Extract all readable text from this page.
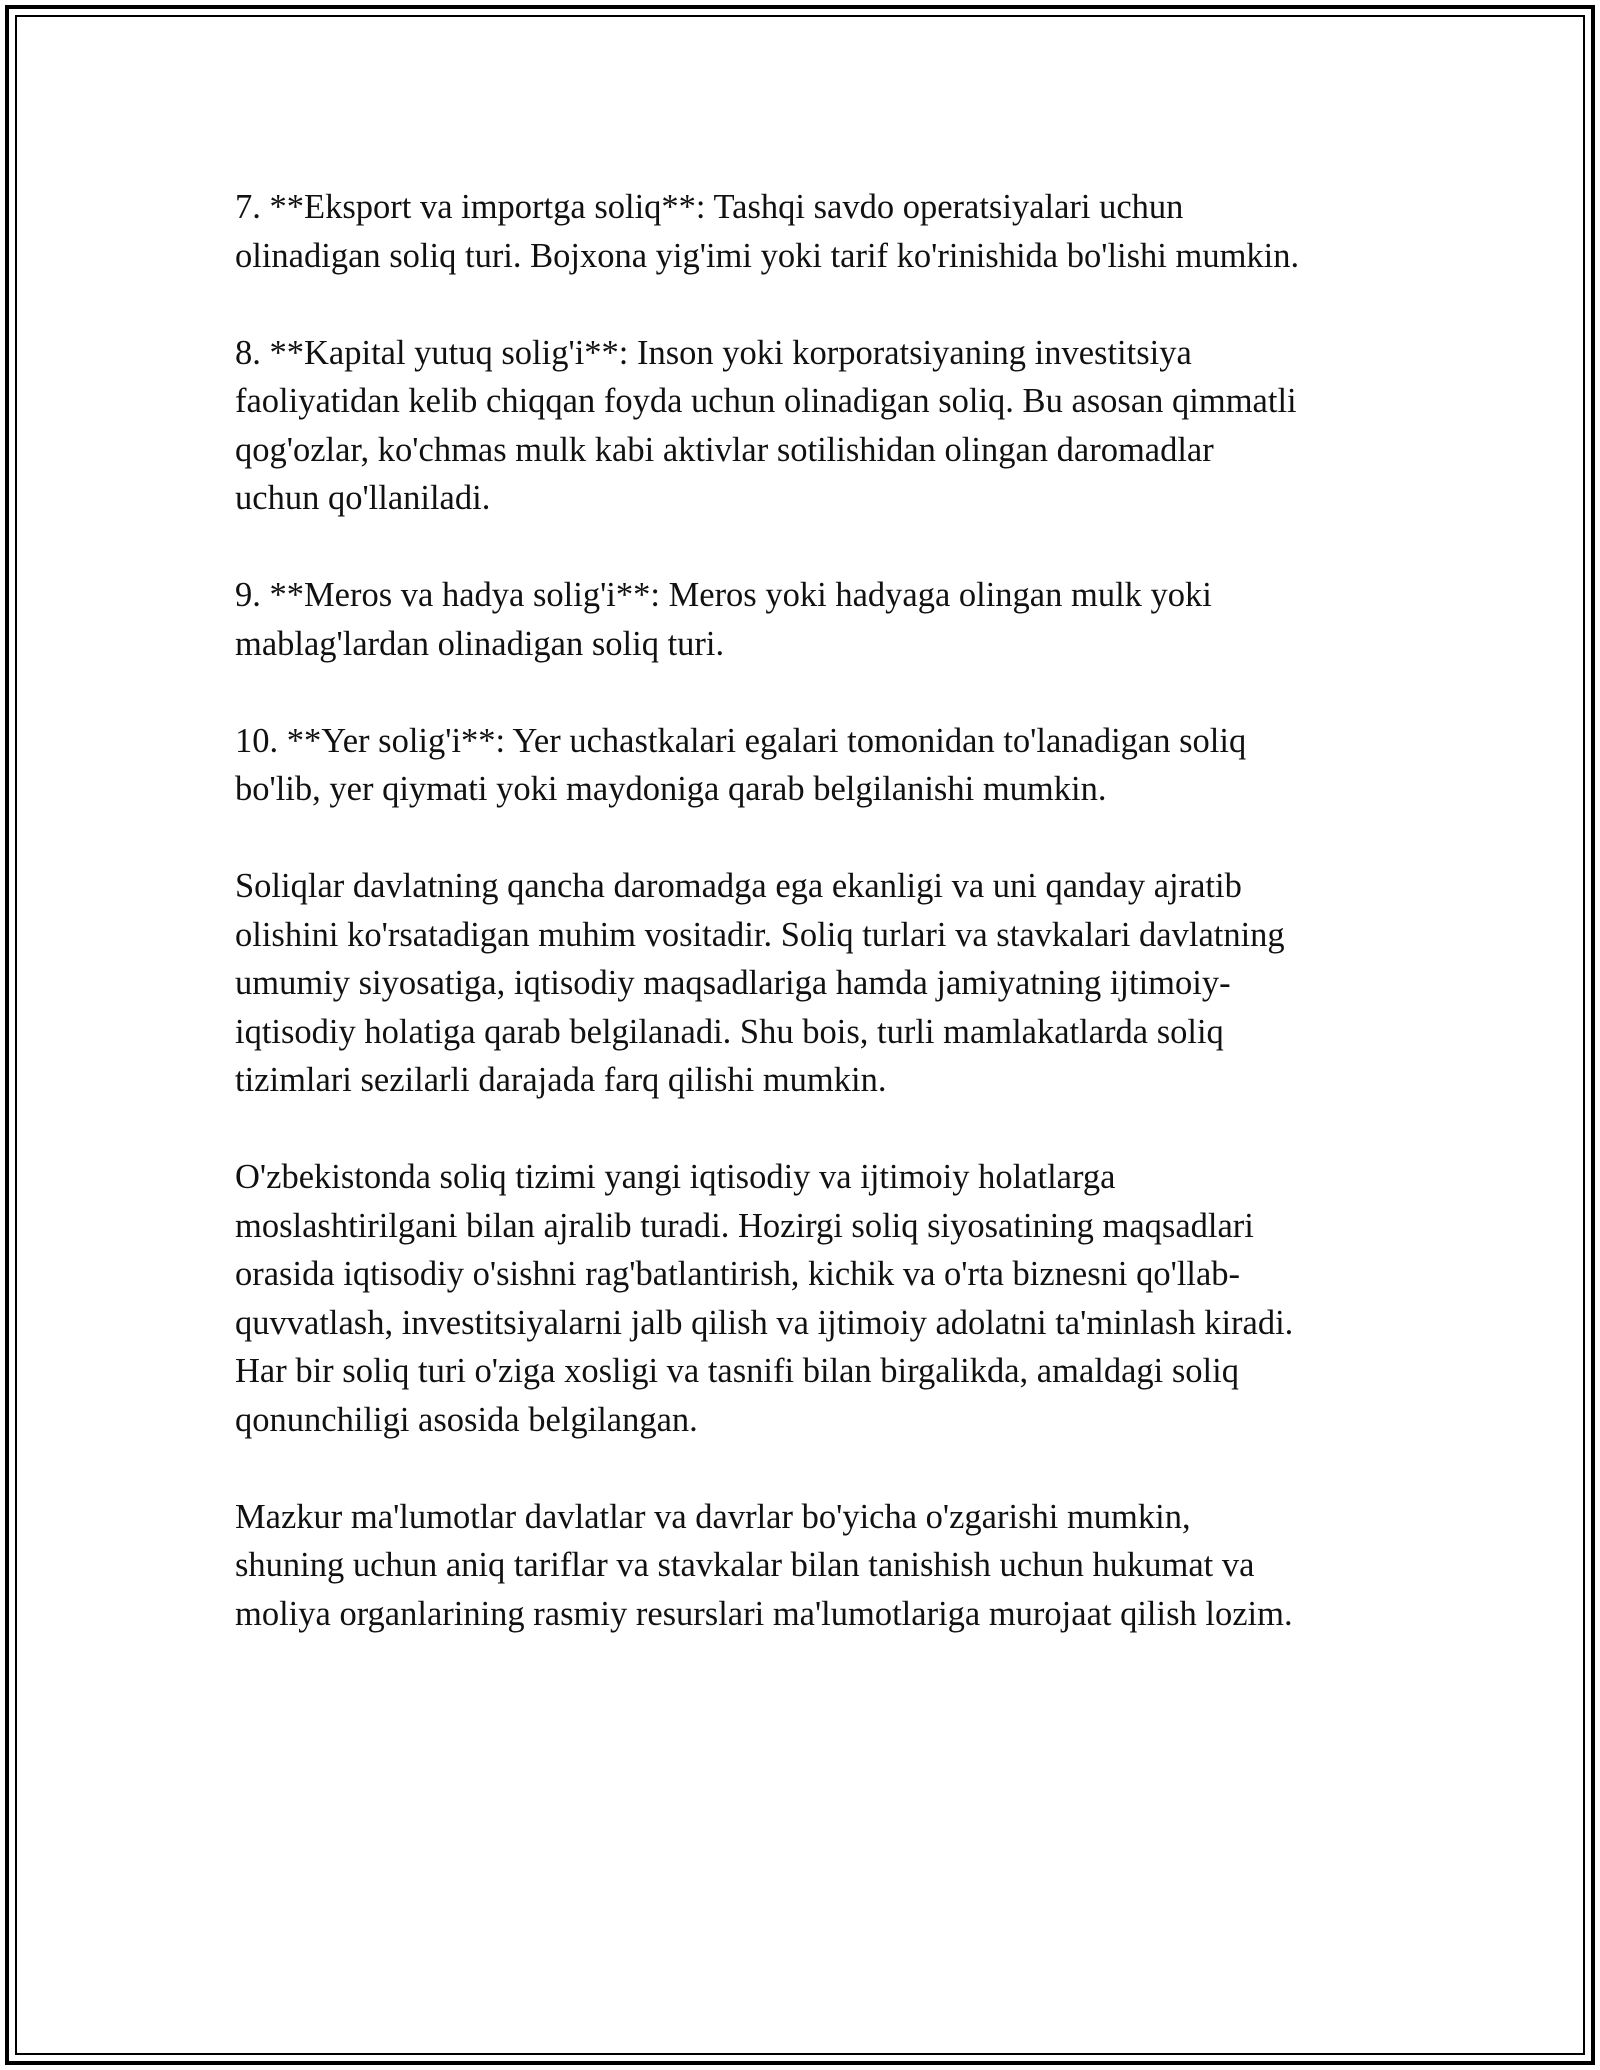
7. **Eksport va importga soliq**: Tashqi savdo operatsiyalari uchun
olinadigan soliq turi. Bojxona yig'imi yoki tarif ko'rinishida bo'lishi mumkin.

8. **Kapital yutuq solig'i**: Inson yoki korporatsiyaning investitsiya
faoliyatidan kelib chiqqan foyda uchun olinadigan soliq. Bu asosan qimmatli
qog'ozlar, ko'chmas mulk kabi aktivlar sotilishidan olingan daromadlar
uchun qo'llaniladi.

9. **Meros va hadya solig'i**: Meros yoki hadyaga olingan mulk yoki
mablag'lardan olinadigan soliq turi.

10. **Yer solig'i**: Yer uchastkalari egalari tomonidan to'lanadigan soliq
bo'lib, yer qiymati yoki maydoniga qarab belgilanishi mumkin.

Soliqlar davlatning qancha daromadga ega ekanligi va uni qanday ajratib
olishini ko'rsatadigan muhim vositadir. Soliq turlari va stavkalari davlatning
umumiy siyosatiga, iqtisodiy maqsadlariga hamda jamiyatning ijtimoiy-
iqtisodiy holatiga qarab belgilanadi. Shu bois, turli mamlakatlarda soliq
tizimlari sezilarli darajada farq qilishi mumkin.

O'zbekistonda soliq tizimi yangi iqtisodiy va ijtimoiy holatlarga
moslashtirilgani bilan ajralib turadi. Hozirgi soliq siyosatining maqsadlari
orasida iqtisodiy o'sishni rag'batlantirish, kichik va o'rta biznesni qo'llab-
quvvatlash, investitsiyalarni jalb qilish va ijtimoiy adolatni ta'minlash kiradi.
Har bir soliq turi o'ziga xosligi va tasnifi bilan birgalikda, amaldagi soliq
qonunchiligi asosida belgilangan.

Mazkur ma'lumotlar davlatlar va davrlar bo'yicha o'zgarishi mumkin,
shuning uchun aniq tariflar va stavkalar bilan tanishish uchun hukumat va
moliya organlarining rasmiy resurslari ma'lumotlariga murojaat qilish lozim.
